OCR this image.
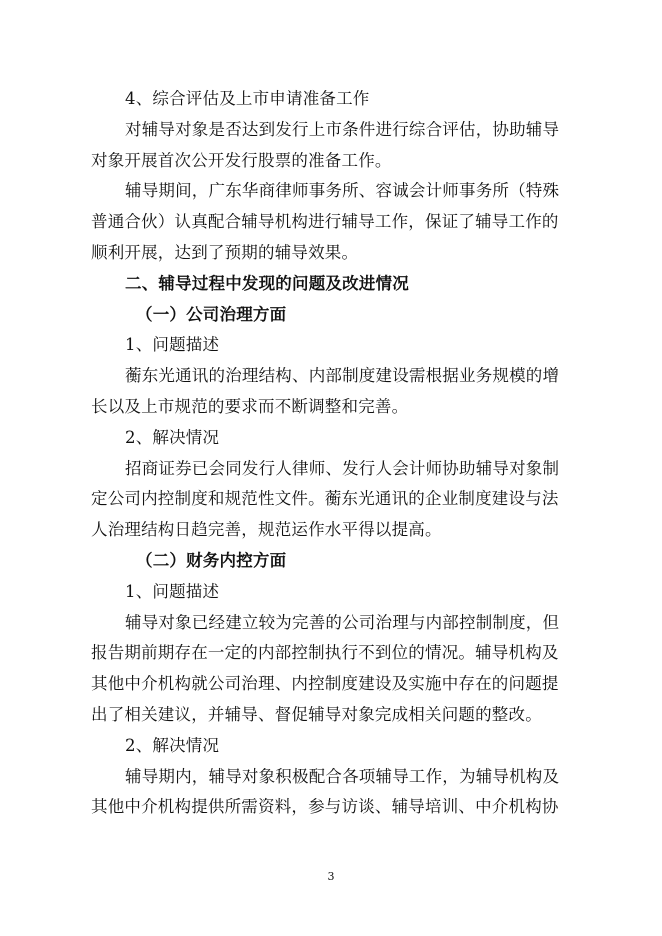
4、综合评估及上市申请准备工作
对辅导对象是否达到发行上市条件进行综合评估，协助辅导
对象开展首次公开发行股票的准备工作。
辅导期间，广东华商律师事务所、容诚会计师事务所（特殊
普通合伙）认真配合辅导机构进行辅导工作，保证了辅导工作的
顺利开展，达到了预期的辅导效果。
二、辅导过程中发现的问题及改进情况
（一）公司治理方面
1、问题描述
蘅东光通讯的治理结构、内部制度建设需根据业务规模的增
长以及上市规范的要求而不断调整和完善。
2、解决情况
招商证券已会同发行人律师、发行人会计师协助辅导对象制
定公司内控制度和规范性文件。蘅东光通讯的企业制度建设与法
人治理结构日趋完善，规范运作水平得以提高。
（二）财务内控方面
1、问题描述
辅导对象已经建立较为完善的公司治理与内部控制制度，但
报告期前期存在一定的内部控制执行不到位的情况。辅导机构及
其他中介机构就公司治理、内控制度建设及实施中存在的问题提
出了相关建议，并辅导、督促辅导对象完成相关问题的整改。
2、解决情况
辅导期内，辅导对象积极配合各项辅导工作，为辅导机构及
其他中介机构提供所需资料，参与访谈、辅导培训、中介机构协
3
